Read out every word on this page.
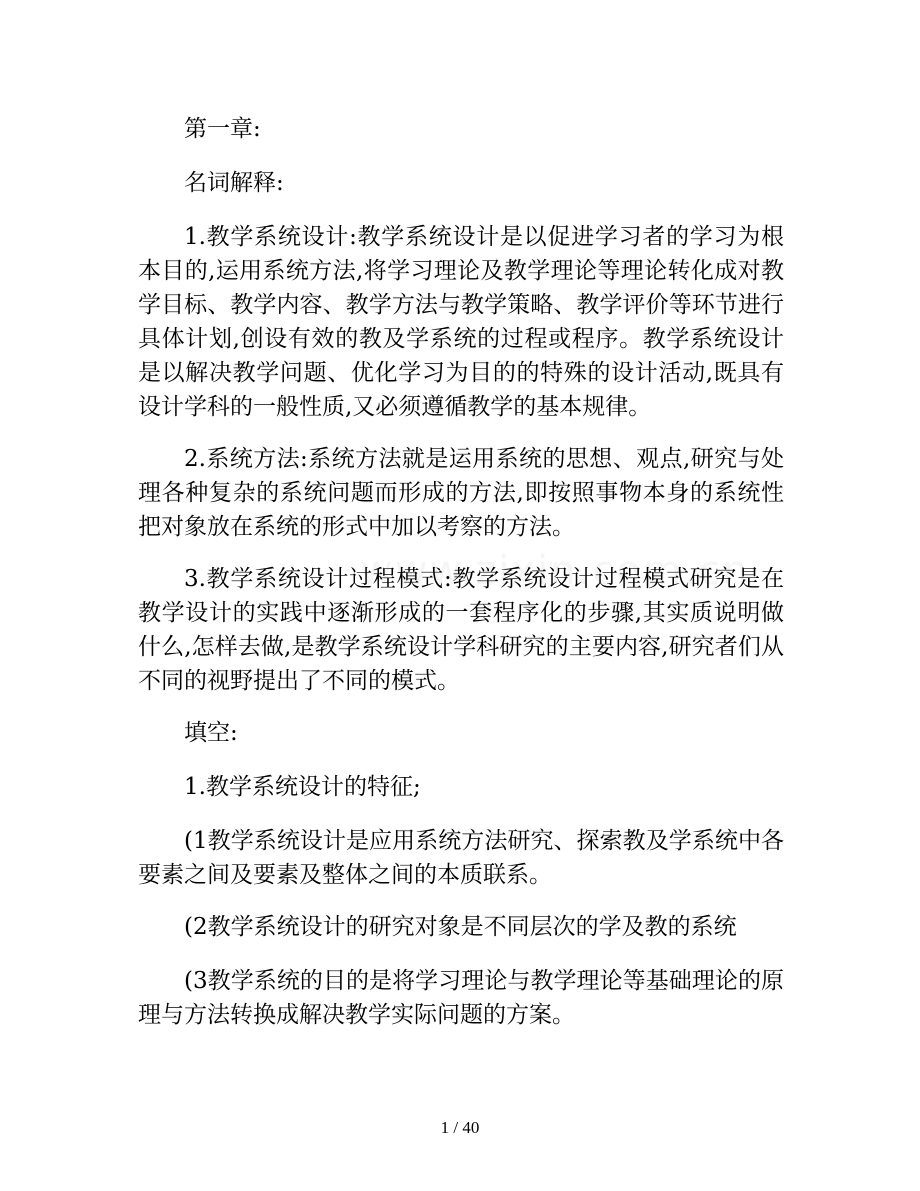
第一章:

名词解释:

1.教学系统设计:教学系统设计是以促进学习者的学习为根本目的,运用系统方法,将学习理论及教学理论等理论转化成对教学目标、教学内容、教学方法与教学策略、教学评价等环节进行具体计划,创设有效的教及学系统的过程或程序。教学系统设计是以解决教学问题、优化学习为目的的特殊的设计活动,既具有设计学科的一般性质,又必须遵循教学的基本规律。

2.系统方法:系统方法就是运用系统的思想、观点,研究与处理各种复杂的系统问题而形成的方法,即按照事物本身的系统性把对象放在系统的形式中加以考察的方法。

3.教学系统设计过程模式:教学系统设计过程模式研究是在教学设计的实践中逐渐形成的一套程序化的步骤,其实质说明做什么,怎样去做,是教学系统设计学科研究的主要内容,研究者们从不同的视野提出了不同的模式。

填空:

1.教学系统设计的特征;

(1教学系统设计是应用系统方法研究、探索教及学系统中各要素之间及要素及整体之间的本质联系。

(2教学系统设计的研究对象是不同层次的学及教的系统

(3教学系统的目的是将学习理论与教学理论等基础理论的原理与方法转换成解决教学实际问题的方案。

1 / 40
